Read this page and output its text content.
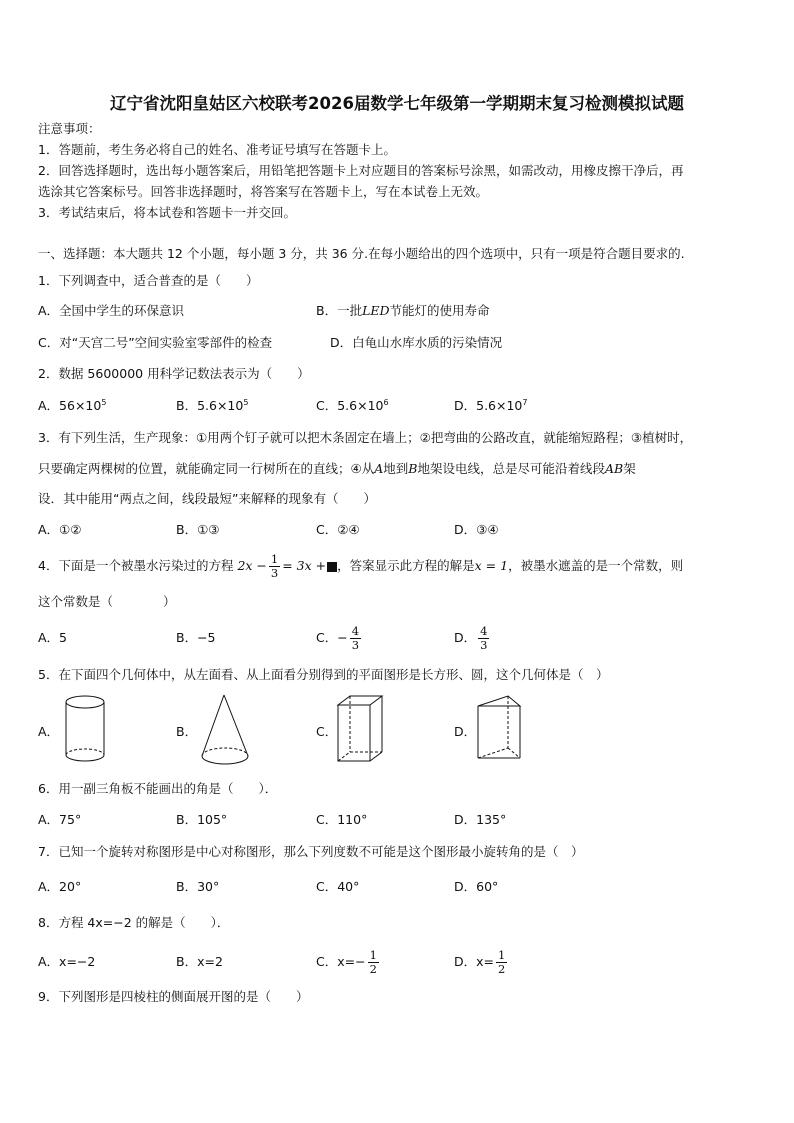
辽宁省沈阳皇姑区六校联考2026届数学七年级第一学期期末复习检测模拟试题
注意事项：
1．答题前，考生务必将自己的姓名、准考证号填写在答题卡上。
2．回答选择题时，选出每小题答案后，用铅笔把答题卡上对应题目的答案标号涂黑，如需改动，用橡皮擦干净后，再
选涂其它答案标号。回答非选择题时，将答案写在答题卡上，写在本试卷上无效。
3．考试结束后，将本试卷和答题卡一并交回。
一、选择题：本大题共 12 个小题，每小题 3 分，共 36 分.在每小题给出的四个选项中，只有一项是符合题目要求的.
1．下列调查中，适合普查的是（　　）
A．全国中学生的环保意识	B．一批LED节能灯的使用寿命
C．对“天宫二号”空间实验室零部件的检查	D．白龟山水库水质的污染情况
2．数据 5600000 用科学记数法表示为（　　）
A．$56\times 10^5$	B．$5.6\times 10^5$	C．$5.6\times 10^6$	D．$5.6\times 10^7$
3．有下列生活，生产现象：①用两个钉子就可以把木条固定在墙上；②把弯曲的公路改直，就能缩短路程；③植树时，
只要确定两棵树的位置，就能确定同一行树所在的直线；④从A地到B地架设电线，总是尽可能沿着线段AB架
设．其中能用“两点之间，线段最短”来解释的现象有（　　）
A．①②	B．①③	C．②④	D．③④
4．下面是一个被墨水污染过的方程 $2x - \frac{1}{3} = 3x$ + ，答案显示此方程的解是x = 1，被墨水遮盖的是一个常数，则
这个常数是（　　　　）
A．5	B．−5	C．− $\frac{4}{3}$	D． $\frac{4}{3}$
5．在下面四个几何体中，从左面看、从上面看分别得到的平面图形是长方形、圆，这个几何体是（　）
A．	B．	C．	D．
6．用一副三角板不能画出的角是（　　）．
A．75°	B．105°	C．110°	D．135°
7．已知一个旋转对称图形是中心对称图形，那么下列度数不可能是这个图形最小旋转角的是（　）
A．20°	B．30°	C．40°	D．60°
8．方程 4x=−2 的解是（　　）．
A．x=−2	B．x=2	C．$x=- \frac{1}{2}$	D．$x= \frac{1}{2}$
9．下列图形是四棱柱的侧面展开图的是（　　）
